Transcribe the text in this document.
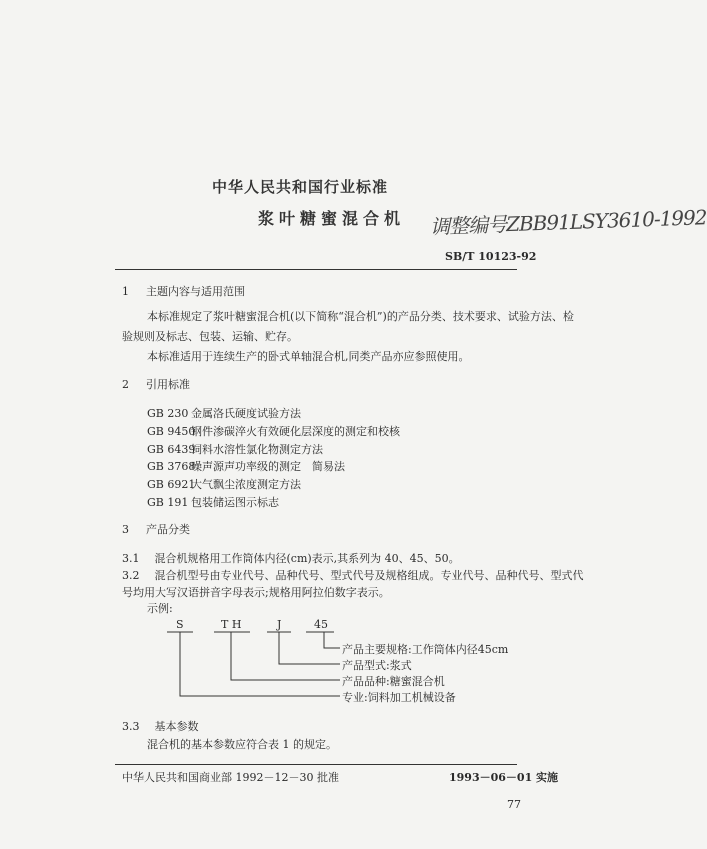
中华人民共和国行业标准
浆叶糖蜜混合机 调整编号ZBB91LSY3610-1992
SB/T 10123-92
1 主题内容与适用范围
本标准规定了浆叶糖蜜混合机(以下简称“混合机”)的产品分类、技术要求、试验方法、检
验规则及标志、包装、运输、贮存。
本标准适用于连续生产的卧式单轴混合机,同类产品亦应参照使用。
2 引用标准
GB 230 金属洛氏硬度试验方法
GB 9450钢件渗碳淬火有效硬化层深度的测定和校核
GB 6439饲料水溶性氯化物测定方法
GB 3768噪声源声功率级的测定　简易法
GB 6921大气飘尘浓度测定方法
GB 191 包装储运图示标志
3 产品分类
3.1 混合机规格用工作筒体内径(cm)表示,其系列为 40、45、50。
3.2 混合机型号由专业代号、品种代号、型式代号及规格组成。专业代号、品种代号、型式代
号均用大写汉语拼音字母表示;规格用阿拉伯数字表示。
示例:
S	T H	J	45
产品主要规格:工作筒体内径45cm
产品型式:浆式
产品品种:糖蜜混合机
专业:饲料加工机械设备
3.3 基本参数
混合机的基本参数应符合表 1 的规定。
中华人民共和国商业部 1992－12－30 批准	1993－06－01 实施
77
